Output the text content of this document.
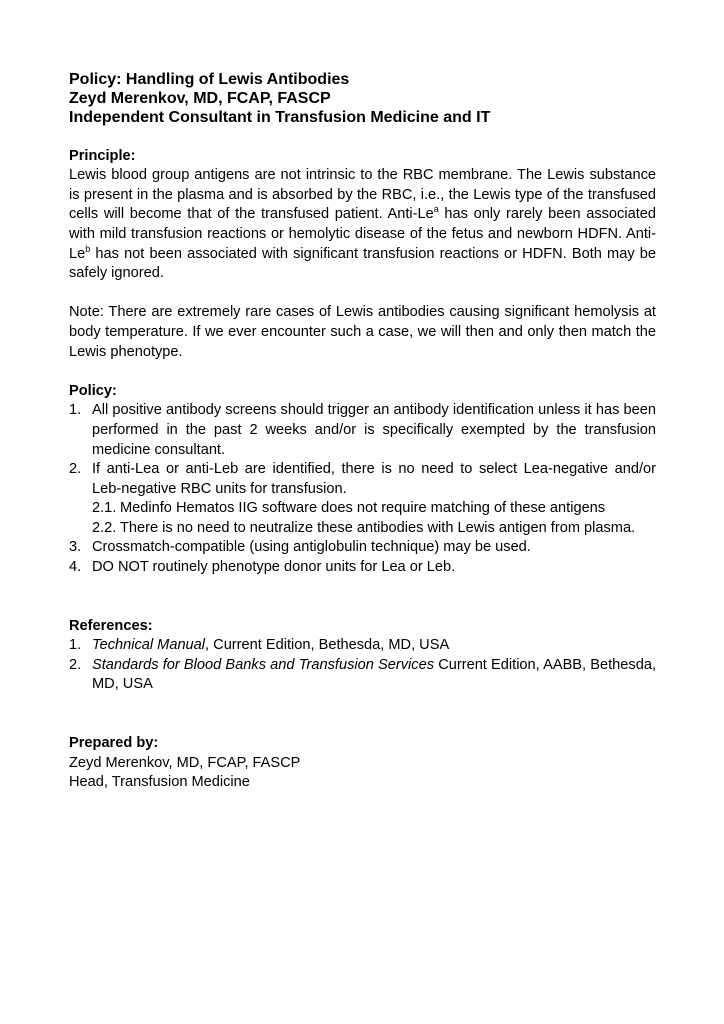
Policy: Handling of Lewis Antibodies
Zeyd Merenkov, MD, FCAP, FASCP
Independent Consultant in Transfusion Medicine and IT
Principle:

Lewis blood group antigens are not intrinsic to the RBC membrane. The Lewis substance is present in the plasma and is absorbed by the RBC, i.e., the Lewis type of the transfused cells will become that of the transfused patient. Anti-Le$^a$ has only rarely been associated with mild transfusion reactions or hemolytic disease of the fetus and newborn HDFN. Anti-Le$^b$ has not been associated with significant transfusion reactions or HDFN. Both may be safely ignored.

Note: There are extremely rare cases of Lewis antibodies causing significant hemolysis at body temperature. If we ever encounter such a case, we will then and only then match the Lewis phenotype.

Policy:
1. All positive antibody screens should trigger an antibody identification unless it has been performed in the past 2 weeks and/or is specifically exempted by the transfusion medicine consultant.
2. If anti-Lea or anti-Leb are identified, there is no need to select Lea-negative and/or Leb-negative RBC units for transfusion.
2.1. Medinfo Hematos IIG software does not require matching of these antigens
2.2. There is no need to neutralize these antibodies with Lewis antigen from plasma.
3. Crossmatch-compatible (using antiglobulin technique) may be used.
4. DO NOT routinely phenotype donor units for Lea or Leb.
References:
1. Technical Manual, Current Edition, Bethesda, MD, USA
2. Standards for Blood Banks and Transfusion Services Current Edition, AABB, Bethesda, MD, USA
Prepared by:

Zeyd Merenkov, MD, FCAP, FASCP

Head, Transfusion Medicine
